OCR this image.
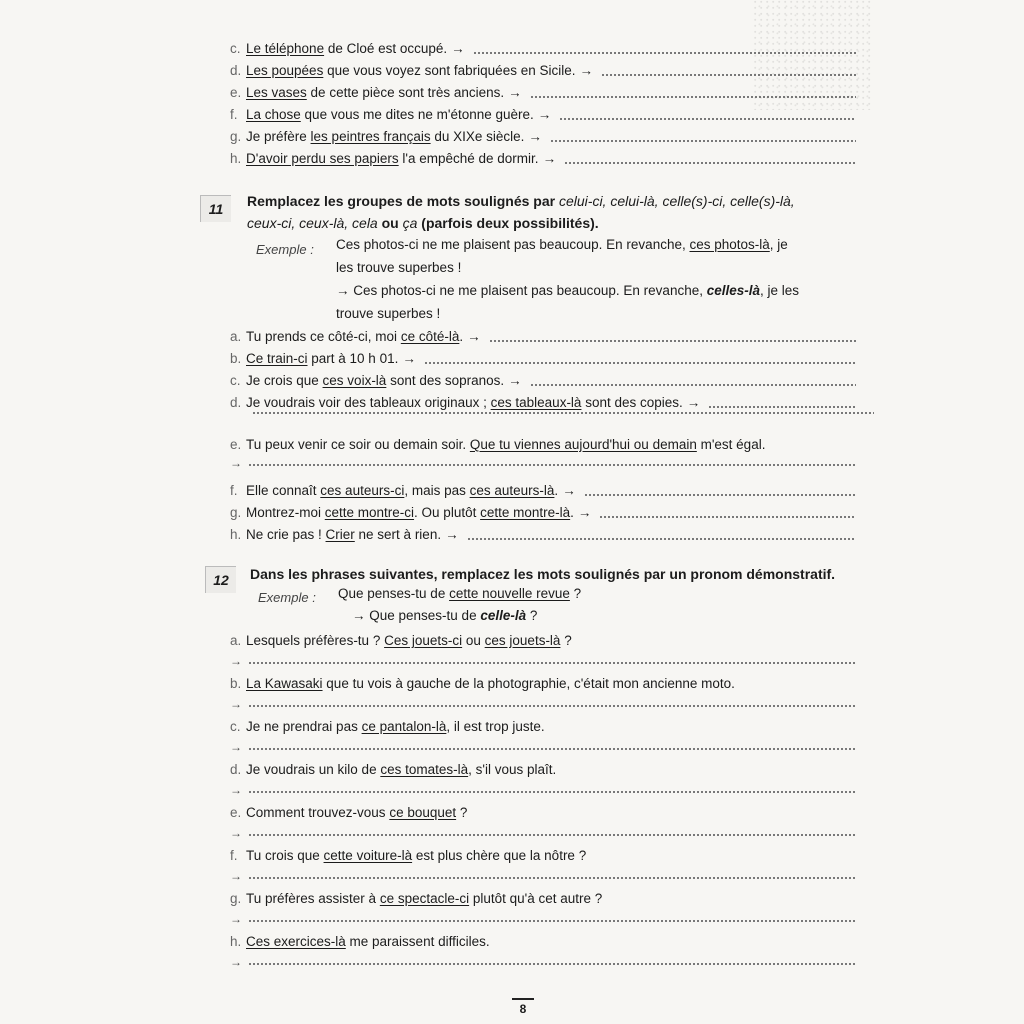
c. Le téléphone de Cloé est occupé. →
d. Les poupées que vous voyez sont fabriquées en Sicile. →
e. Les vases de cette pièce sont très anciens. →
f. La chose que vous me dites ne m'étonne guère. →
g. Je préfère les peintres français du XIXe siècle. →
h. D'avoir perdu ses papiers l'a empêché de dormir. →
11	Remplacez les groupes de mots soulignés par celui-ci, celui-là, celle(s)-ci, celle(s)-là,
ceux-ci, ceux-là, cela ou ça (parfois deux possibilités).
Exemple : Ces photos-ci ne me plaisent pas beaucoup. En revanche, ces photos-là, je
les trouve superbes !
→ Ces photos-ci ne me plaisent pas beaucoup. En revanche, celles-là, je les
trouve superbes !
a. Tu prends ce côté-ci, moi ce côté-là. →
b. Ce train-ci part à 10 h 01. →
c. Je crois que ces voix-là sont des sopranos. →
d. Je voudrais voir des tableaux originaux ; ces tableaux-là sont des copies. →
e. Tu peux venir ce soir ou demain soir. Que tu viennes aujourd'hui ou demain m'est égal.
→
f. Elle connaît ces auteurs-ci, mais pas ces auteurs-là. →
g. Montrez-moi cette montre-ci. Ou plutôt cette montre-là. →
h. Ne crie pas ! Crier ne sert à rien. →
12	Dans les phrases suivantes, remplacez les mots soulignés par un pronom démonstratif.
Exemple : Que penses-tu de cette nouvelle revue ?
→ Que penses-tu de celle-là ?
a. Lesquels préfères-tu ? Ces jouets-ci ou ces jouets-là ?
→
b. La Kawasaki que tu vois à gauche de la photographie, c'était mon ancienne moto.
→
c. Je ne prendrai pas ce pantalon-là, il est trop juste.
→
d. Je voudrais un kilo de ces tomates-là, s'il vous plaît.
→
e. Comment trouvez-vous ce bouquet ?
→
f. Tu crois que cette voiture-là est plus chère que la nôtre ?
→
g. Tu préfères assister à ce spectacle-ci plutôt qu'à cet autre ?
→
h. Ces exercices-là me paraissent difficiles.
→
8
